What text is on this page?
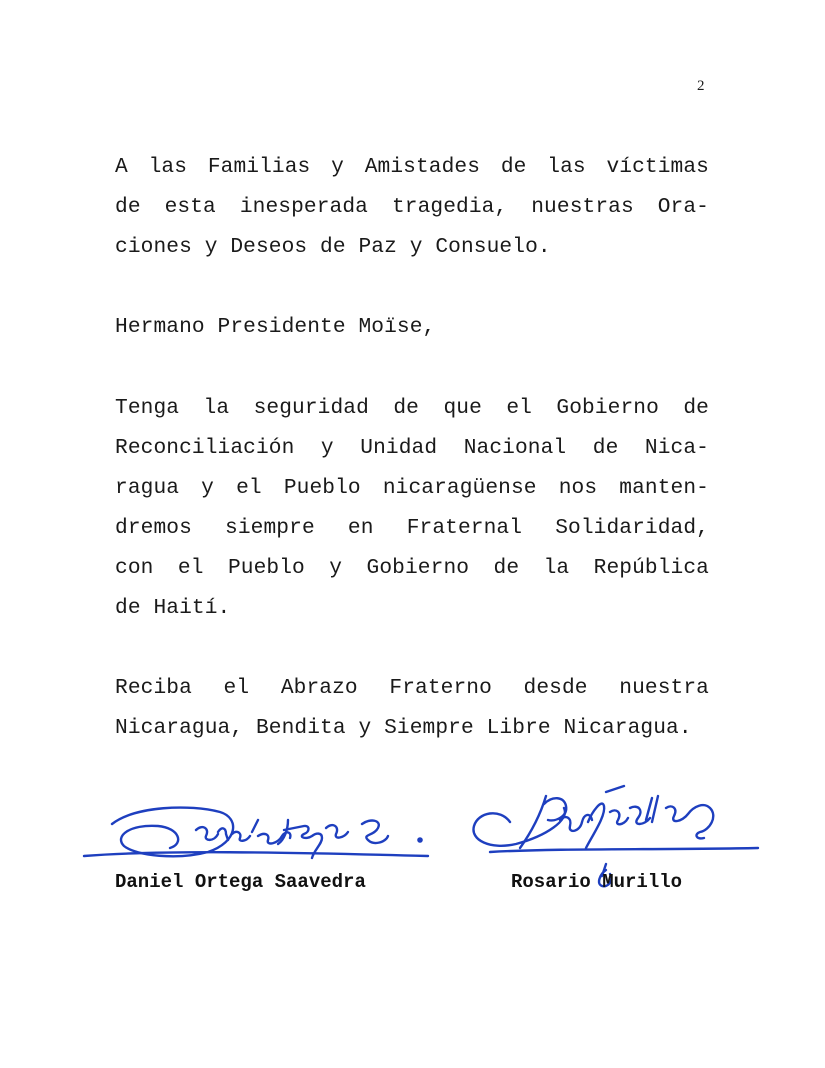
2
A las Familias y Amistades de las víctimas
de esta inesperada tragedia, nuestras Ora-
ciones y Deseos de Paz y Consuelo.
Hermano Presidente Moïse,
Tenga la seguridad de que el Gobierno de
Reconciliación y Unidad Nacional de Nica-
ragua y el Pueblo nicaragüense nos manten-
dremos siempre en Fraternal Solidaridad,
con el Pueblo y Gobierno de la República
de Haití.
Reciba el Abrazo Fraterno desde nuestra
Nicaragua, Bendita y Siempre Libre Nicaragua.
Daniel Ortega Saavedra	Rosario Murillo
